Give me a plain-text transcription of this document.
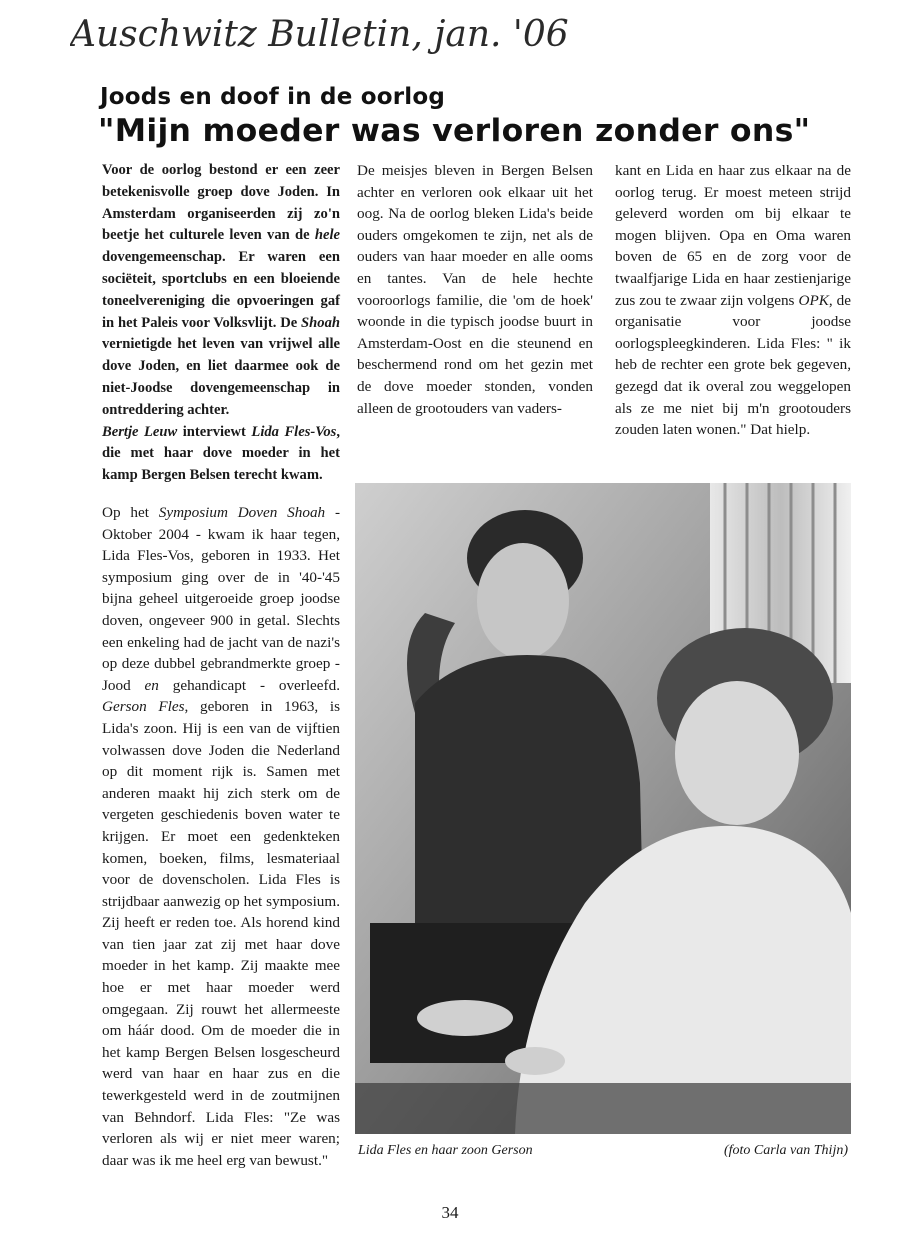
Auschwitz Bulletin, jan. '06
Joods en doof in de oorlog
"Mijn moeder was verloren zonder ons"

Voor de oorlog bestond er een zeer betekenisvolle groep dove Joden. In Amsterdam organiseerden zij zo'n beetje het culturele leven van de hele dovengemeenschap. Er waren een sociëteit, sportclubs en een bloeiende toneelvereniging die opvoeringen gaf in het Paleis voor Volksvlijt. De Shoah vernietigde het leven van vrijwel alle dove Joden, en liet daarmee ook de niet-Joodse dovengemeenschap in ontreddering achter.

Bertje Leuw interviewt Lida Fles-Vos, die met haar dove moeder in het kamp Bergen Belsen terecht kwam.

Op het Symposium Doven Shoah - Oktober 2004 - kwam ik haar tegen, Lida Fles-Vos, geboren in 1933. Het symposium ging over de in '40-'45 bijna geheel uitgeroeide groep joodse doven, ongeveer 900 in getal. Slechts een enkeling had de jacht van de nazi's op deze dubbel gebrandmerkte groep - Jood en gehandicapt - overleefd. Gerson Fles, geboren in 1963, is Lida's zoon. Hij is een van de vijftien volwassen dove Joden die Nederland op dit moment rijk is. Samen met anderen maakt hij zich sterk om de vergeten geschiedenis boven water te krijgen. Er moet een gedenkteken komen, boeken, films, lesmateriaal voor de dovenscholen. Lida Fles is strijdbaar aanwezig op het symposium. Zij heeft er reden toe. Als horend kind van tien jaar zat zij met haar dove moeder in het kamp. Zij maakte mee hoe er met haar moeder werd omgegaan. Zij rouwt het allermeeste om háár dood. Om de moeder die in het kamp Bergen Belsen losgescheurd werd van haar en haar zus en die tewerkgesteld werd in de zoutmijnen van Behndorf. Lida Fles: "Ze was verloren als wij er niet meer waren; daar was ik me heel erg van bewust."

De meisjes bleven in Bergen Belsen achter en verloren ook elkaar uit het oog. Na de oorlog bleken Lida's beide ouders omgekomen te zijn, net als de ouders van haar moeder en alle ooms en tantes. Van de hele hechte vooroorlogs familie, die 'om de hoek' woonde in die typisch joodse buurt in Amsterdam-Oost en die steunend en beschermend rond om het gezin met de dove moeder stonden, vonden alleen de grootouders van vaders-

kant en Lida en haar zus elkaar na de oorlog terug. Er moest meteen strijd geleverd worden om bij elkaar te mogen blijven. Opa en Oma waren boven de 65 en de zorg voor de twaalfjarige Lida en haar zestienjarige zus zou te zwaar zijn volgens OPK, de organisatie voor joodse oorlogspleegkinderen. Lida Fles: " ik heb de rechter een grote bek gegeven, gezegd dat ik overal zou weggelopen als ze me niet bij m'n grootouders zouden laten wonen." Dat hielp.

Lida Fles en haar zoon Gerson	(foto Carla van Thijn)

34
